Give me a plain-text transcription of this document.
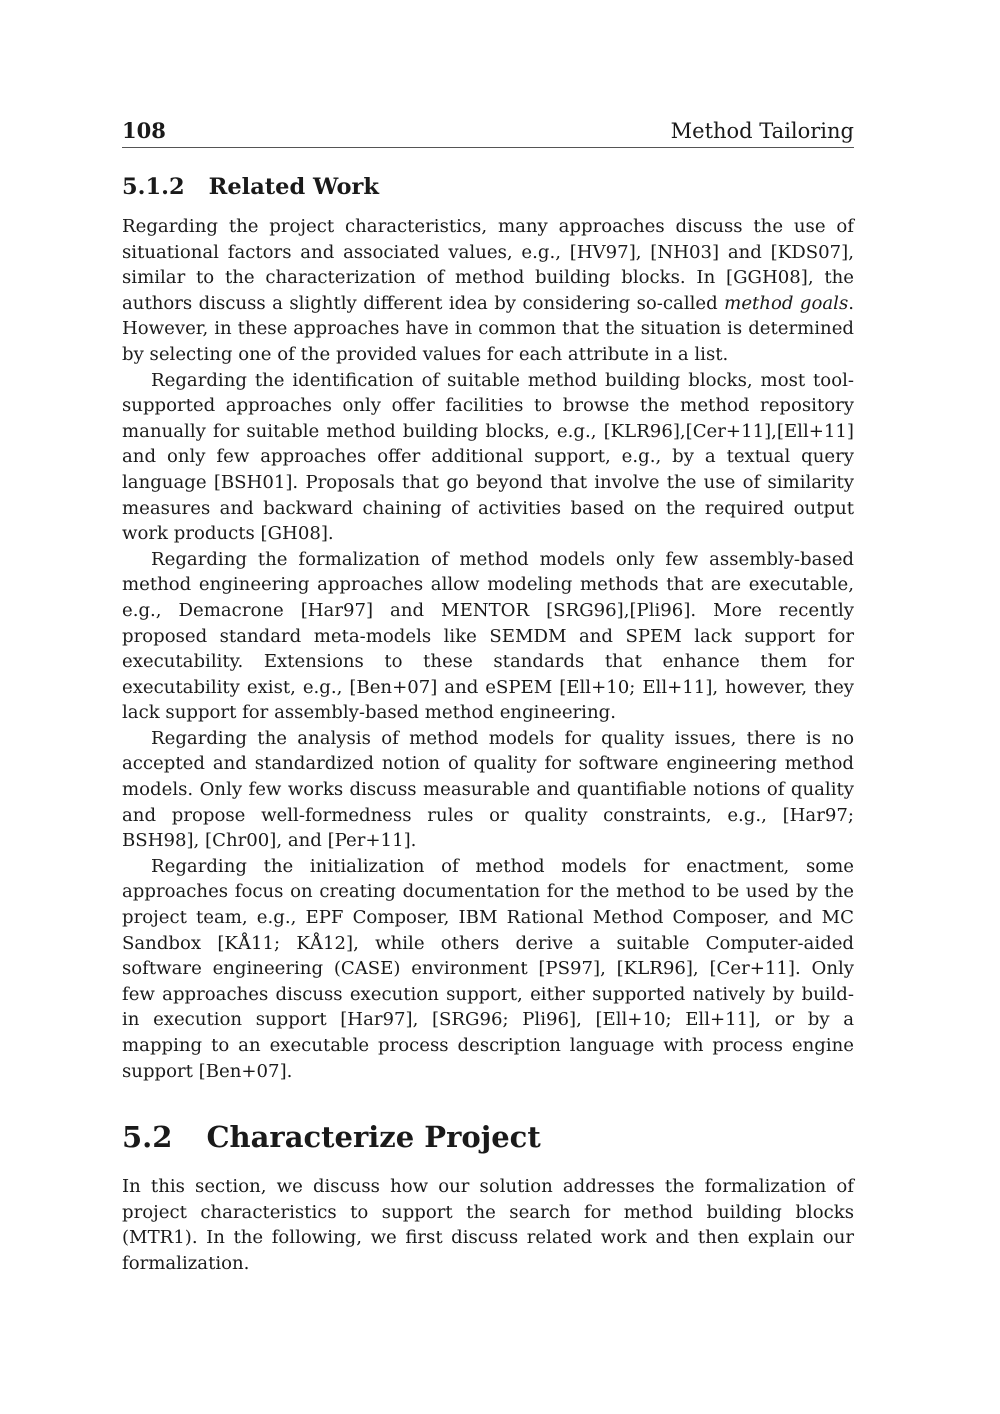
108	Method Tailoring
5.1.2 Related Work

Regarding the project characteristics, many approaches discuss the use of situational factors and associated values, e.g., [HV97], [NH03] and [KDS07], similar to the characterization of method building blocks. In [GGH08], the authors discuss a slightly different idea by considering so-called method goals. However, in these approaches have in common that the situation is determined by selecting one of the provided values for each attribute in a list.

Regarding the identification of suitable method building blocks, most tool-supported approaches only offer facilities to browse the method repository manually for suitable method building blocks, e.g., [KLR96],[Cer+11],[Ell+11] and only few approaches offer additional support, e.g., by a textual query language [BSH01]. Proposals that go beyond that involve the use of similarity measures and backward chaining of activities based on the required output work products [GH08].

Regarding the formalization of method models only few assembly-based method engineering approaches allow modeling methods that are executable, e.g., Demacrone [Har97] and MENTOR [SRG96],[Pli96]. More recently proposed standard meta-models like SEMDM and SPEM lack support for executability. Extensions to these standards that enhance them for executability exist, e.g., [Ben+07] and eSPEM [Ell+10; Ell+11], however, they lack support for assembly-based method engineering.

Regarding the analysis of method models for quality issues, there is no accepted and standardized notion of quality for software engineering method models. Only few works discuss measurable and quantifiable notions of quality and propose well-formedness rules or quality constraints, e.g., [Har97; BSH98], [Chr00], and [Per+11].

Regarding the initialization of method models for enactment, some approaches focus on creating documentation for the method to be used by the project team, e.g., EPF Composer, IBM Rational Method Composer, and MC Sandbox [KÅ11; KÅ12], while others derive a suitable Computer-aided software engineering (CASE) environment [PS97], [KLR96], [Cer+11]. Only few approaches discuss execution support, either supported natively by build-in execution support [Har97], [SRG96; Pli96], [Ell+10; Ell+11], or by a mapping to an executable process description language with process engine support [Ben+07].

5.2 Characterize Project

In this section, we discuss how our solution addresses the formalization of project characteristics to support the search for method building blocks (MTR1). In the following, we first discuss related work and then explain our formalization.
